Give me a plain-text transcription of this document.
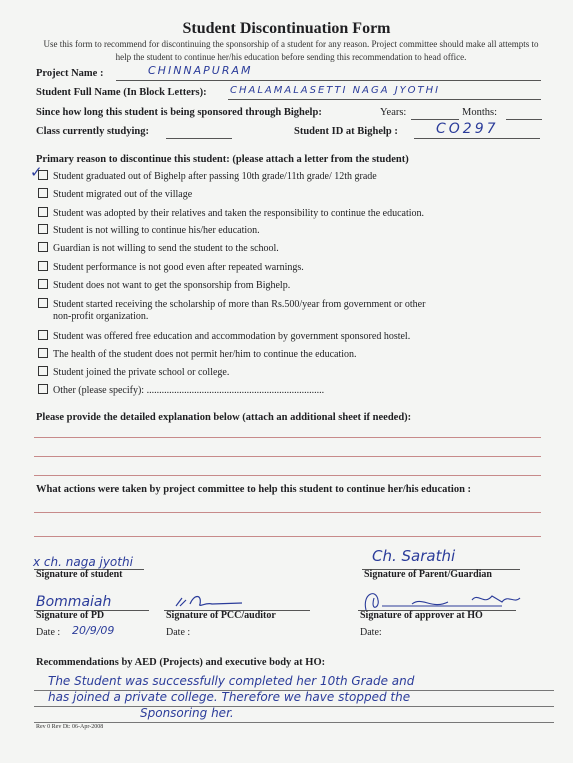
Student Discontinuation Form
Use this form to recommend for discontinuing the sponsorship of a student for any reason. Project committee should make all attempts to help the student to continue her/his education before sending this recommendation to head office.
Project Name :	CHINNAPURAM
Student Full Name (In Block Letters): CHALAMALASETTI NAGA JYOTHI
Since how long this student is being sponsored through Bighelp:	Years:	Months:
Class currently studying:	Student ID at Bighelp :	CO297
Primary reason to discontinue this student: (please attach a letter from the student)
✓	Student graduated out of Bighelp after passing 10th grade/11th grade/ 12th grade
Student migrated out of the village
Student was adopted by their relatives and taken the responsibility to continue the education.
Student is not willing to continue his/her education.
Guardian is not willing to send the student to the school.
Student performance is not good even after repeated warnings.
Student does not want to get the sponsorship from Bighelp.
Student started receiving the scholarship of more than Rs.500/year from government or other
non-profit organization.
Student was offered free education and accommodation by government sponsored hostel.
The health of the student does not permit her/him to continue the education.
Student joined the private school or college.
Other (please specify): .......................................................................
Please provide the detailed explanation below (attach an additional sheet if needed):
What actions were taken by project committee to help this student to continue her/his education :
x ch. naga jyothi
Signature of student
Ch. Sarathi
Signature of Parent/Guardian
Bommaiah
Signature of PD
Date : 20/9/09
Signature of PCC/auditor
Date :
Signature of approver at HO
Date:
Recommendations by AED (Projects) and executive body at HO:
The Student was successfully completed her 10th Grade and
has joined a private college. Therefore we have stopped the
Sponsoring her.
Rev 0 Rev Dt: 06-Apr-2008
